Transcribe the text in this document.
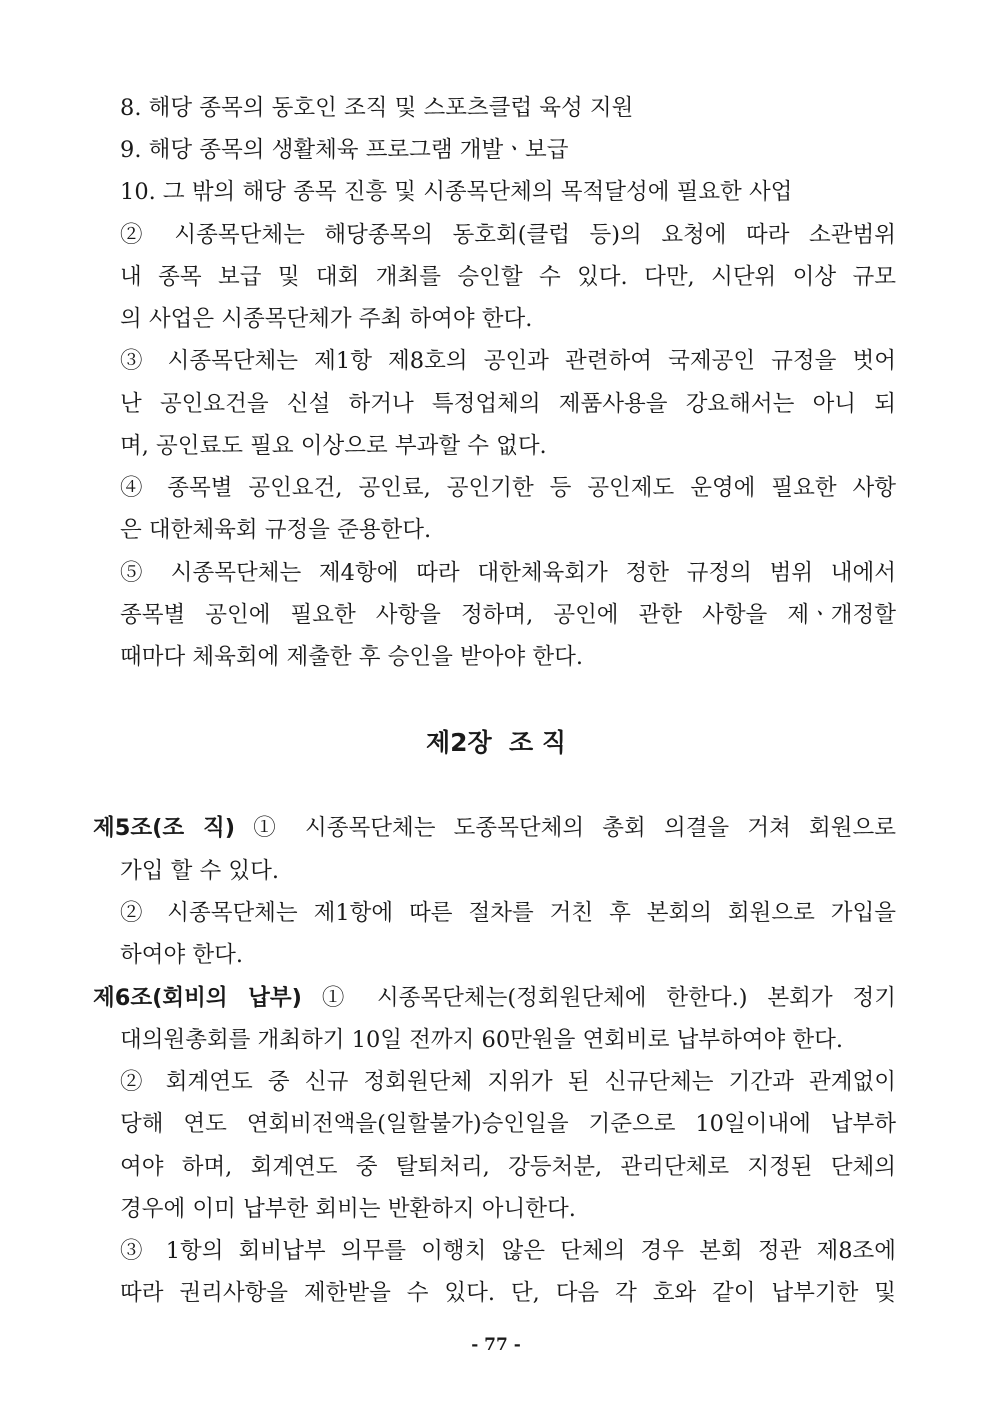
8. 해당 종목의 동호인 조직 및 스포츠클럽 육성 지원
9. 해당 종목의 생활체육 프로그램 개발ㆍ보급
10. 그 밖의 해당 종목 진흥 및 시종목단체의 목적달성에 필요한 사업
② 시종목단체는 해당종목의 동호회(클럽 등)의 요청에 따라 소관범위
내 종목 보급 및 대회 개최를 승인할 수 있다. 다만, 시단위 이상 규모
의 사업은 시종목단체가 주최 하여야 한다.
③ 시종목단체는 제1항 제8호의 공인과 관련하여 국제공인 규정을 벗어
난 공인요건을 신설 하거나 특정업체의 제품사용을 강요해서는 아니 되
며, 공인료도 필요 이상으로 부과할 수 없다.
④ 종목별 공인요건, 공인료, 공인기한 등 공인제도 운영에 필요한 사항
은 대한체육회 규정을 준용한다.
⑤ 시종목단체는 제4항에 따라 대한체육회가 정한 규정의 범위 내에서
종목별 공인에 필요한 사항을 정하며, 공인에 관한 사항을 제ㆍ개정할
때마다 체육회에 제출한 후 승인을 받아야 한다.
제2장  조 직
제5조(조 직) ① 시종목단체는 도종목단체의 총회 의결을 거쳐 회원으로
가입 할 수 있다.
② 시종목단체는 제1항에 따른 절차를 거친 후 본회의 회원으로 가입을
하여야 한다.
제6조(회비의 납부) ① 시종목단체는(정회원단체에 한한다.) 본회가 정기
대의원총회를 개최하기 10일 전까지 60만원을 연회비로 납부하여야 한다.
② 회계연도 중 신규 정회원단체 지위가 된 신규단체는 기간과 관계없이
당해 연도 연회비전액을(일할불가)승인일을 기준으로 10일이내에 납부하
여야 하며, 회계연도 중 탈퇴처리, 강등처분, 관리단체로 지정된 단체의
경우에 이미 납부한 회비는 반환하지 아니한다.
③ 1항의 회비납부 의무를 이행치 않은 단체의 경우 본회 정관 제8조에
따라 권리사항을 제한받을 수 있다. 단, 다음 각 호와 같이 납부기한 및
- 77 -
